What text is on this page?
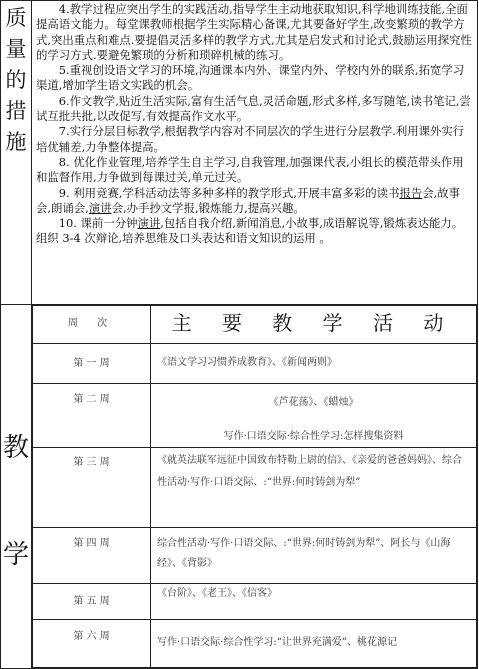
质
量
的
措
施

4.教学过程应突出学生的实践活动,指导学生主动地获取知识,科学地训练技能,全面提高语文能力。每堂课教师根据学生实际精心备课,尤其要备好学生,改变繁琐的教学方式,突出重点和难点.要提倡灵活多样的教学方式,尤其是启发式和讨论式,鼓励运用探究性的学习方式.要避免繁琐的分析和琐碎机械的练习。

5.重视创设语文学习的环境,沟通课本内外、课堂内外、学校内外的联系,拓宽学习渠道,增加学生语文实践的机会。

6.作文教学,贴近生活实际,富有生活气息,灵活命题,形式多样,多写随笔,读书笔记,尝试互批共批,以改促写,有效提高作文水平。

7.实行分层目标教学,根据教学内容对不同层次的学生进行分层教学.利用课外实行培优辅差,力争整体提高。

8. 优化作业管理,培养学生自主学习,自我管理,加强课代表,小组长的模范带头作用和监督作用,力争做到每课过关,单元过关。

9. 利用竞赛,学科活动法等多种多样的教学形式,开展丰富多彩的读书报告会,故事会,朗诵会,演讲会,办手抄文学报,锻炼能力,提高兴趣。

10. 课前一分钟演讲,包括自我介绍,新闻消息,小故事,成语解说等,锻炼表达能力。组织 3-4 次辩论,培养思维及口头表达和语文知识的运用 。

教
学

周 次	主 要 教 学 活 动
第 一 周	《语文学习习惯养成教育》、《新闻两则》
第 二 周	《芦花荡》、《蜡烛》

写作·口语交际·综合性学习:怎样搜集资料
第 三 周	《就英法联军远征中国致布特勒上尉的信》、《亲爱的爸爸妈妈》、综合性活动·写作·口语交际、:“世界:何时铸剑为犁”
第 四 周	综合性活动·写作·口语交际、:“世界:何时铸剑为犁”、阿长与《山海经》、《背影》
第 五 周	《台阶》、《老王》、《信客》
第 六 周	写作·口语交际·综合性学习:“让世界充满爱”、桃花源记
